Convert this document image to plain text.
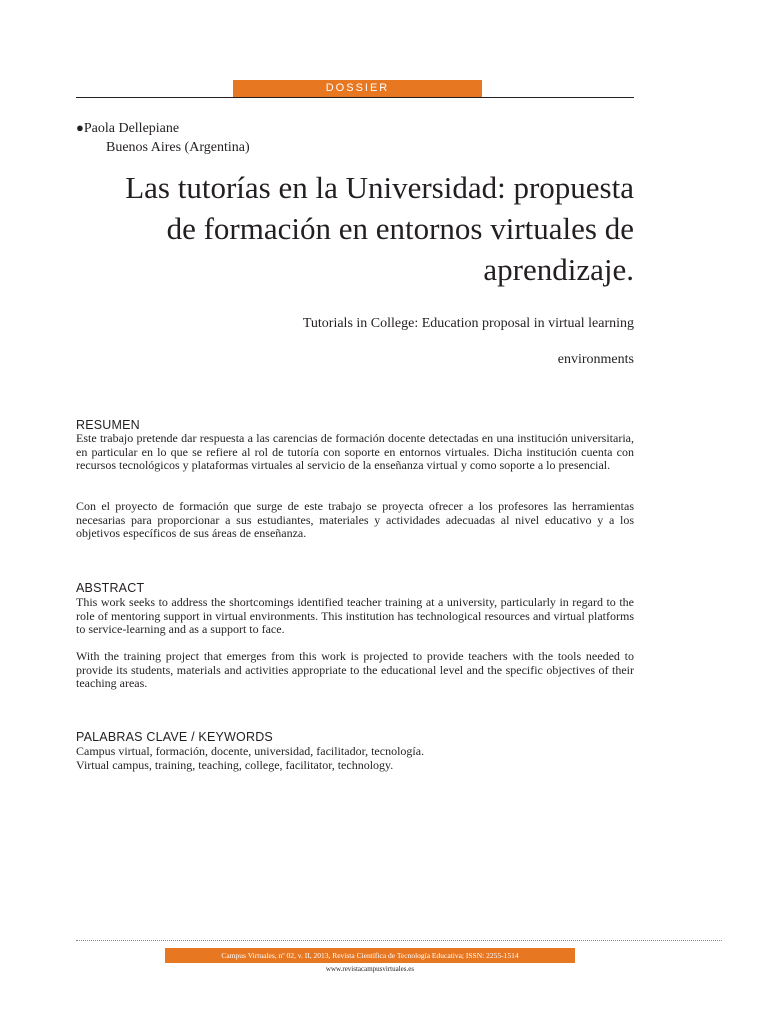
DOSSIER
●Paola Dellepiane
Buenos Aires (Argentina)
Las tutorías en la Universidad: propuesta
de formación en entornos virtuales de
aprendizaje.
Tutorials in College: Education proposal in virtual learning
environments
RESUMEN

Este trabajo pretende dar respuesta a las carencias de formación docente detectadas en una institución universitaria, en particular en lo que se refiere al rol de tutoría con soporte en entornos virtuales. Dicha institución cuenta con recursos tecnológicos y plataformas virtuales al servicio de la enseñanza virtual y como soporte a lo presencial.

Con el proyecto de formación que surge de este trabajo se proyecta ofrecer a los profesores las herramientas necesarias para proporcionar a sus estudiantes, materiales y actividades adecuadas al nivel educativo y a los objetivos específicos de sus áreas de enseñanza.

ABSTRACT

This work seeks to address the shortcomings identified teacher training at a university, particularly in regard to the role of mentoring support in virtual environments. This institution has technological resources and virtual platforms to service-learning and as a support to face.

With the training project that emerges from this work is projected to provide teachers with the tools needed to provide its students, materials and activities appropriate to the educational level and the specific objectives of their teaching areas.

PALABRAS CLAVE / KEYWORDS
Campus virtual, formación, docente, universidad, facilitador, tecnología.
Virtual campus, training, teaching, college, facilitator, technology.
Campus Virtuales, nº 02, v. II, 2013, Revista Científica de Tecnología Educativa; ISSN: 2255-1514
www.revistacampusvirtuales.es
